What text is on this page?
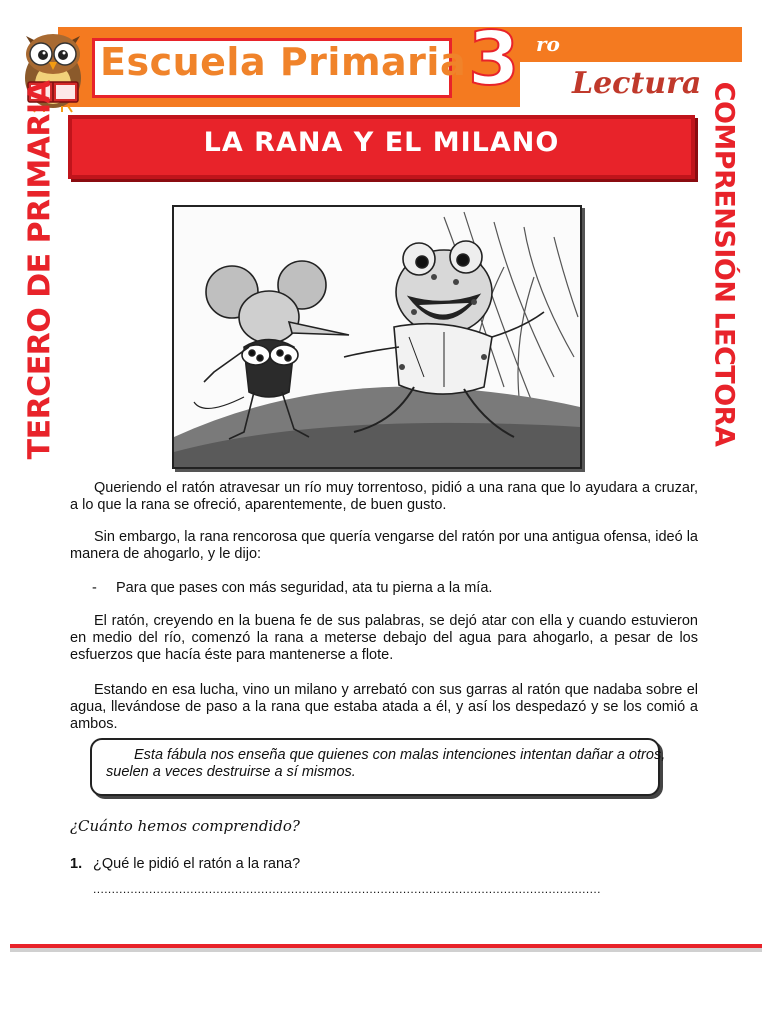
Escuela Primaria 3 ro
Lectura
LA RANA Y EL MILANO
TERCERO DE PRIMARIA	COMPRENSIÓN LECTORA

Queriendo el ratón atravesar un río muy torrentoso, pidió a una rana que lo ayudara a cruzar, a lo que la rana se ofreció, aparentemente, de buen gusto.

Sin embargo, la rana rencorosa que quería vengarse del ratón por una antigua ofensa, ideó la manera de ahogarlo, y le dijo:

- Para que pases con más seguridad, ata tu pierna a la mía.

El ratón, creyendo en la buena fe de sus palabras, se dejó atar con ella y cuando estuvieron en medio del río, comenzó la rana a meterse debajo del agua para ahogarlo, a pesar de los esfuerzos que hacía éste para mantenerse a flote.

Estando en esa lucha, vino un milano y arrebató con sus garras al ratón que nadaba sobre el agua, llevándose de paso a la rana que estaba atada a él, y así los despedazó y se los comió a ambos.

Esta fábula nos enseña que quienes con malas intenciones intentan dañar a otros, suelen a veces destruirse a sí mismos.
¿Cuánto hemos comprendido?
1. ¿Qué le pidió el ratón a la rana?
........................................................................................................................................
